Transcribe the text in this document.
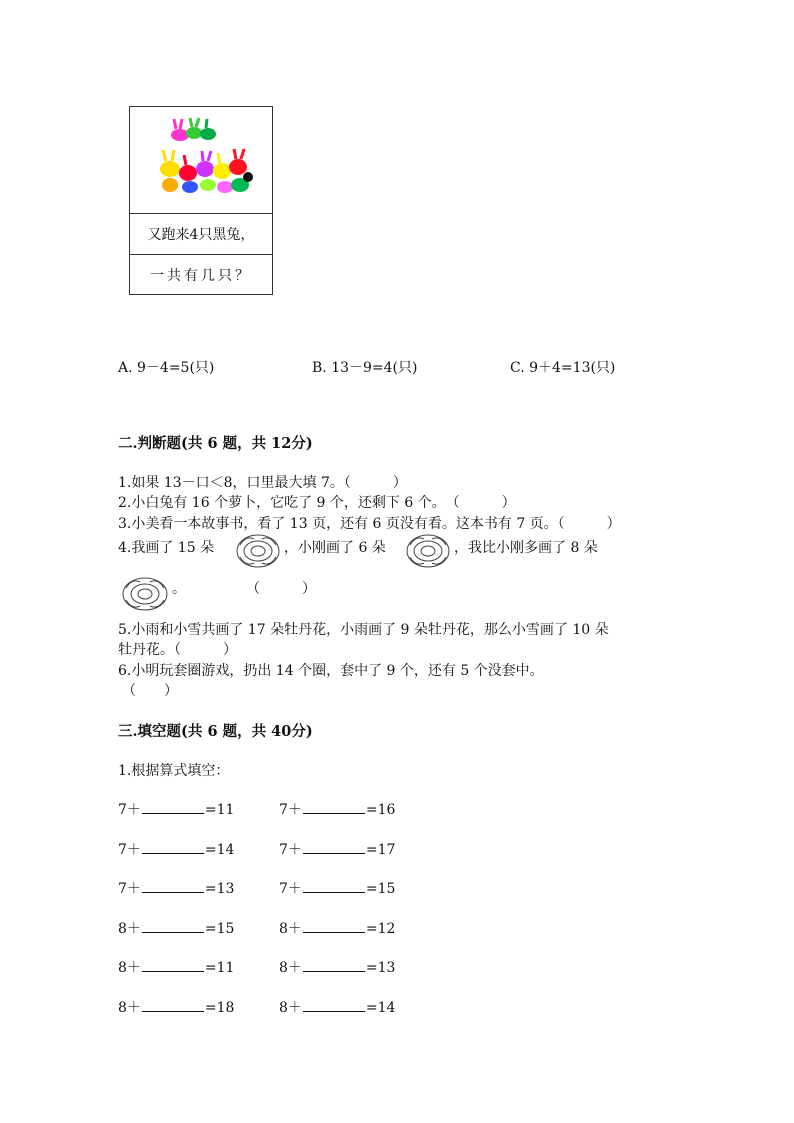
又跑来4只黑兔，
一共有几只？
A. 9－4=5(只)	B. 13－9=4(只)	C. 9＋4=13(只)
二.判断题(共 6 题，共 12分)
1.如果 13－口＜8，口里最大填 7。（　　　）
2.小白兔有 16 个萝卜，它吃了 9 个，还剩下 6 个。　（　　　）
3.小美看一本故事书，看了 13 页，还有 6 页没有看。这本书有 7 页。（　　　）
4.我画了 15 朵	，小刚画了 6 朵	，我比小刚多画了 8 朵
。	（　　　）
5.小雨和小雪共画了 17 朵牡丹花，小雨画了 9 朵牡丹花，那么小雪画了 10 朵
牡丹花。（　　　）
6.小明玩套圈游戏，扔出 14 个圈，套中了 9 个，还有 5 个没套中。
（　　）
三.填空题(共 6 题，共 40分)
1.根据算式填空：
7＋	=11	7＋	=16
7＋	=14	7＋	=17
7＋	=13	7＋	=15
8＋	=15	8＋	=12
8＋	=11	8＋	=13
8＋	=18	8＋	=14
